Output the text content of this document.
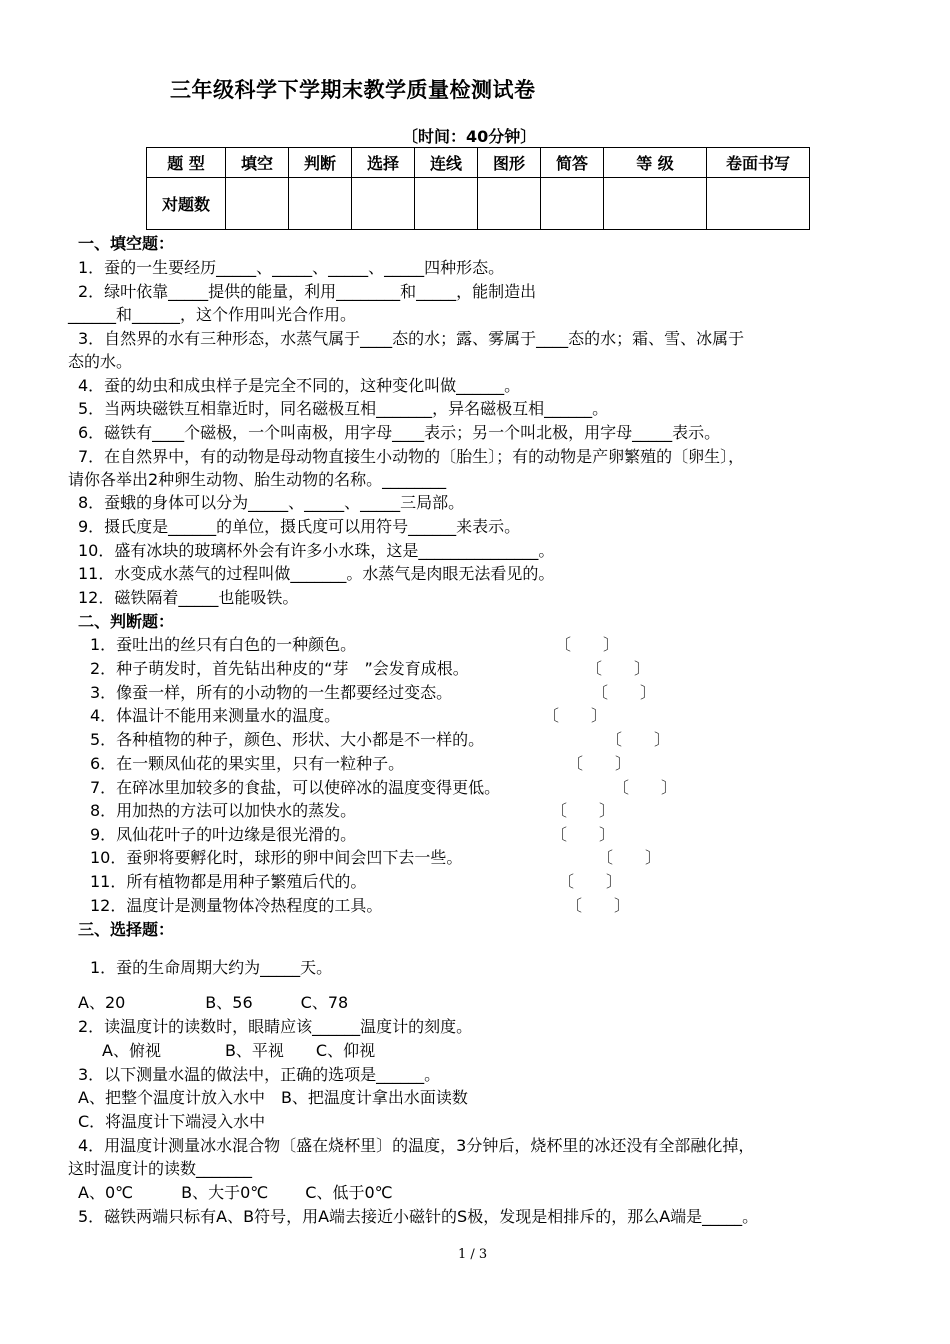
三年级科学下学期末教学质量检测试卷
〔时间：40分钟〕
题 型	填空	判断	选择	连线	图形	简答	等 级	卷面书写
对题数								
一、填空题：
1．蚕的一生要经历_____、_____、_____、_____四种形态。
2．绿叶依靠_____提供的能量，利用________和_____，能制造出
______和______，这个作用叫光合作用。
3．自然界的水有三种形态，水蒸气属于____态的水；露、雾属于____态的水；霜、雪、冰属于
态的水。
4．蚕的幼虫和成虫样子是完全不同的，这种变化叫做______。
5．当两块磁铁互相靠近时，同名磁极互相_______，异名磁极互相______。
6．磁铁有____个磁极，一个叫南极，用字母____表示；另一个叫北极，用字母_____表示。
7．在自然界中，有的动物是母动物直接生小动物的〔胎生〕；有的动物是产卵繁殖的〔卵生〕，
请你各举出2种卵生动物、胎生动物的名称。________
8．蚕蛾的身体可以分为_____、_____、_____三局部。
9．摄氏度是______的单位，摄氏度可以用符号______来表示。
10．盛有冰块的玻璃杯外会有许多小水珠，这是_______________。
11．水变成水蒸气的过程叫做_______。水蒸气是肉眼无法看见的。
12．磁铁隔着_____也能吸铁。
二、判断题：
1．蚕吐出的丝只有白色的一种颜色。	〔　　〕
2．种子萌发时，首先钻出种皮的“芽　”会发育成根。	〔　　〕
3．像蚕一样，所有的小动物的一生都要经过变态。	〔　　〕
4．体温计不能用来测量水的温度。	〔　　〕
5．各种植物的种子，颜色、形状、大小都是不一样的。	〔　　〕
6．在一颗凤仙花的果实里，只有一粒种子。	〔　　〕
7．在碎冰里加较多的食盐，可以使碎冰的温度变得更低。	〔　　〕
8．用加热的方法可以加快水的蒸发。	〔　　〕
9．凤仙花叶子的叶边缘是很光滑的。	〔　　〕
10．蚕卵将要孵化时，球形的卵中间会凹下去一些。	〔　　〕
11．所有植物都是用种子繁殖后代的。	〔　　〕
12．温度计是测量物体冷热程度的工具。	〔　　〕
三、选择题：
1．蚕的生命周期大约为_____天。
A、20　　　　　B、56　　　C、78
2．读温度计的读数时，眼睛应该______温度计的刻度。
A、俯视　　　　B、平视　　C、仰视
3．以下测量水温的做法中，正确的选项是______。
A、把整个温度计放入水中　B、把温度计拿出水面读数
C．将温度计下端浸入水中
4．用温度计测量冰水混合物〔盛在烧杯里〕的温度，3分钟后，烧杯里的冰还没有全部融化掉，
这时温度计的读数_______
A、0℃　　　B、大于0℃　　 C、低于0℃
5．磁铁两端只标有A、B符号，用A端去接近小磁针的S极，发现是相排斥的，那么A端是_____。
1 / 3
